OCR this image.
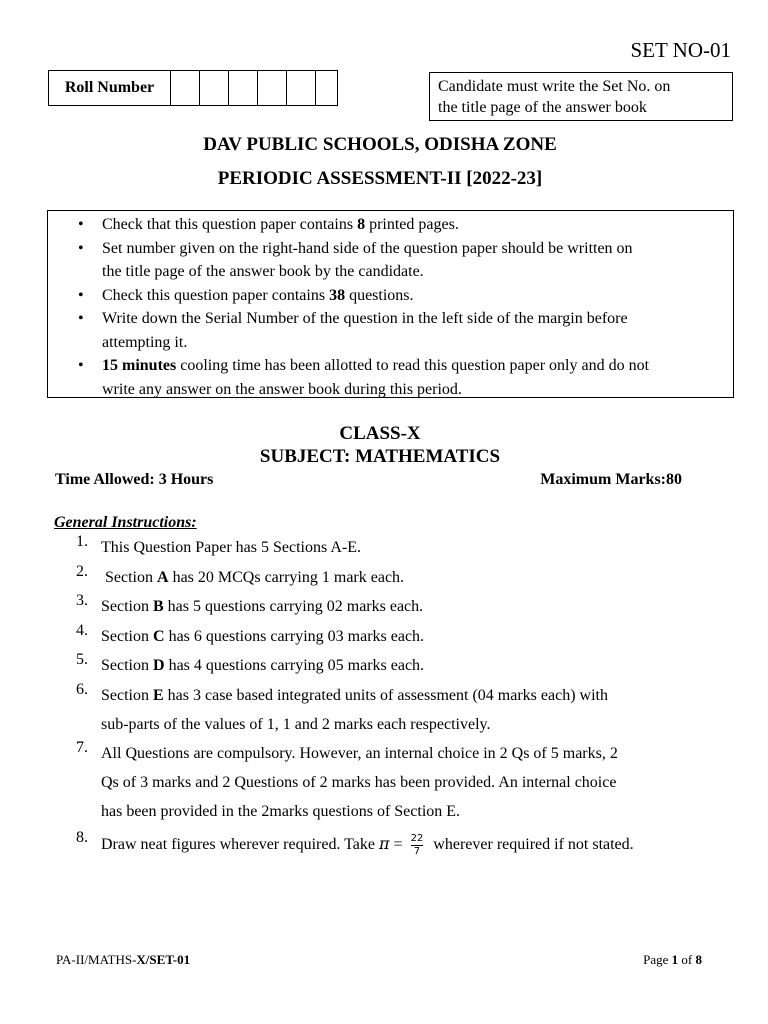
SET NO-01
Roll Number	Candidate must write the Set No. on
the title page of the answer book
DAV PUBLIC SCHOOLS, ODISHA ZONE
PERIODIC ASSESSMENT-II [2022-23]
• Check that this question paper contains 8 printed pages.
• Set number given on the right-hand side of the question paper should be written on
the title page of the answer book by the candidate.
• Check this question paper contains 38 questions.
• Write down the Serial Number of the question in the left side of the margin before
attempting it.
• 15 minutes cooling time has been allotted to read this question paper only and do not
write any answer on the answer book during this period.
CLASS-X
SUBJECT: MATHEMATICS
Time Allowed: 3 Hours	Maximum Marks:80
General Instructions:
1. This Question Paper has 5 Sections A-E.
2. Section A has 20 MCQs carrying 1 mark each.
3. Section B has 5 questions carrying 02 marks each.
4. Section C has 6 questions carrying 03 marks each.
5. Section D has 4 questions carrying 05 marks each.
6. Section E has 3 case based integrated units of assessment (04 marks each) with
sub-parts of the values of 1, 1 and 2 marks each respectively.
7. All Questions are compulsory. However, an internal choice in 2 Qs of 5 marks, 2
Qs of 3 marks and 2 Questions of 2 marks has been provided. An internal choice
has been provided in the 2marks questions of Section E.
8. Draw neat figures wherever required. Take $\pi = \frac{22}{7}$ wherever required if not stated.
PA-II/MATHS-X/SET-01	Page 1 of 8
